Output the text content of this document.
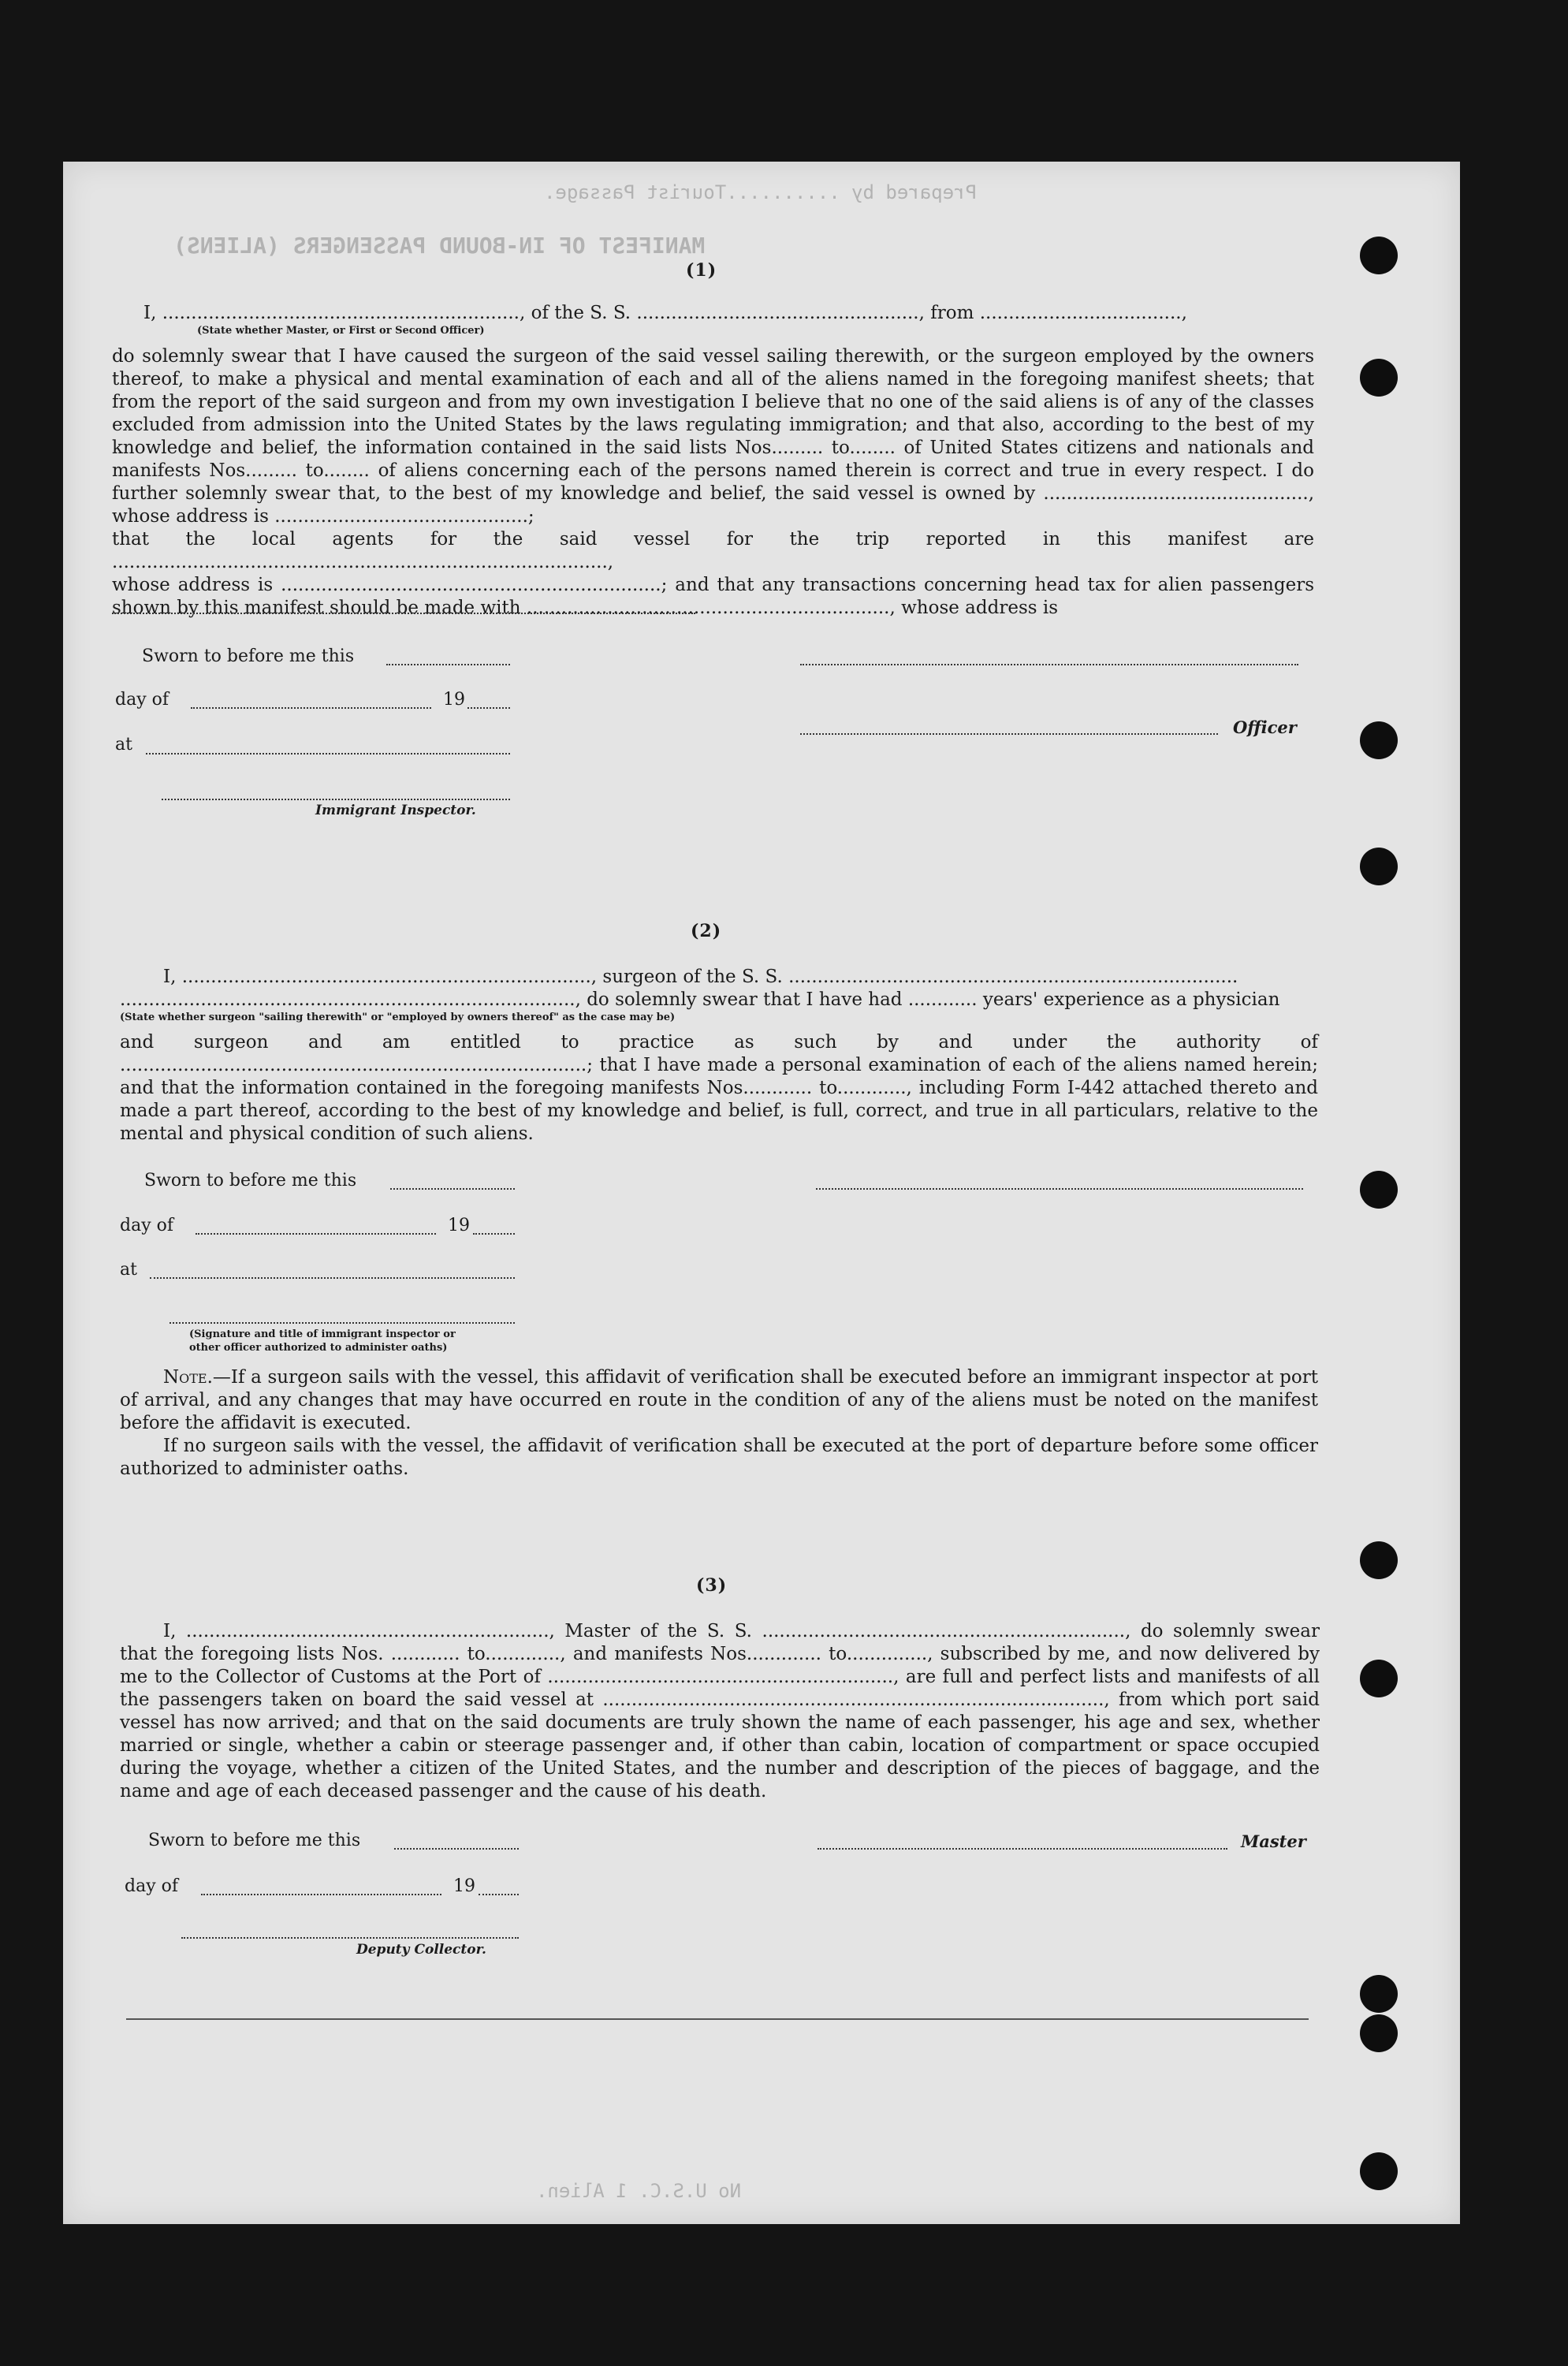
Prepared by ..........Tourist Passage.
MANIFEST OF IN-BOUND PASSENGERS (ALIENS)
No U.S.C. 1 Alien.
(1)

I, .............................................................., of the S. S. ................................................., from ...................................,

(State whether Master, or First or Second Officer)

do solemnly swear that I have caused the surgeon of the said vessel sailing therewith, or the surgeon employed by the owners thereof, to make a physical and mental examination of each and all of the aliens named in the foregoing manifest sheets; that from the report of the said surgeon and from my own investigation I believe that no one of the said aliens is of any of the classes excluded from admission into the United States by the laws regulating immigration; and that also, according to the best of my knowledge and belief, the information contained in the said lists Nos......... to........ of United States citizens and nationals and manifests Nos......... to........ of aliens concerning each of the persons named therein is correct and true in every respect. I do further solemnly swear that, to the best of my knowledge and belief, the said vessel is owned by .............................................., whose address is ............................................;

that the local agents for the said vessel for the trip reported in this manifest are ......................................................................................,

whose address is ..................................................................; and that any transactions concerning head tax for alien passengers shown by this manifest should be made with ..............................................................., whose address is

Sworn to before me this
day of	19
Officer
at
Immigrant Inspector.
(2)

I, ......................................................................., surgeon of the S. S. ..............................................................................

..............................................................................., do solemnly swear that I have had ............ years' experience as a physician

(State whether surgeon "sailing therewith" or "employed by owners thereof" as the case may be)
and surgeon and am entitled to practice as such by and under the authority of .................................................................................; that I have made a personal examination of each of the aliens named herein; and that the information contained in the foregoing manifests Nos............ to............, including Form I-442 attached thereto and made a part thereof, according to the best of my knowledge and belief, is full, correct, and true in all particulars, relative to the mental and physical condition of such aliens.
Sworn to before me this
day of	19
at
(Signature and title of immigrant inspector or
other officer authorized to administer oaths)

Note.—If a surgeon sails with the vessel, this affidavit of verification shall be executed before an immigrant inspector at port of arrival, and any changes that may have occurred en route in the condition of any of the aliens must be noted on the manifest before the affidavit is executed.

If no surgeon sails with the vessel, the affidavit of verification shall be executed at the port of departure before some officer authorized to administer oaths.

(3)
I, ..............................................................., Master of the S. S. ..............................................................., do solemnly swear that the foregoing lists Nos. ............ to............., and manifests Nos............. to.............., subscribed by me, and now delivered by me to the Collector of Customs at the Port of ............................................................, are full and perfect lists and manifests of all the passengers taken on board the said vessel at ......................................................................................., from which port said vessel has now arrived; and that on the said documents are truly shown the name of each passenger, his age and sex, whether married or single, whether a cabin or steerage passenger and, if other than cabin, location of compartment or space occupied during the voyage, whether a citizen of the United States, and the number and description of the pieces of baggage, and the name and age of each deceased passenger and the cause of his death.
Sworn to before me this	Master
day of	19
Deputy Collector.
